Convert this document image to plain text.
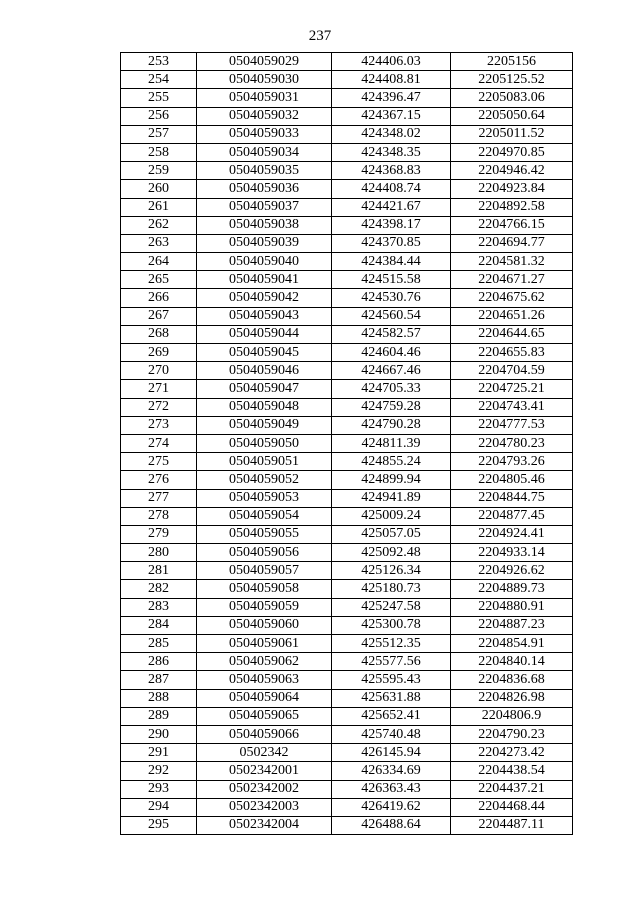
237
253	0504059029	424406.03	2205156
254	0504059030	424408.81	2205125.52
255	0504059031	424396.47	2205083.06
256	0504059032	424367.15	2205050.64
257	0504059033	424348.02	2205011.52
258	0504059034	424348.35	2204970.85
259	0504059035	424368.83	2204946.42
260	0504059036	424408.74	2204923.84
261	0504059037	424421.67	2204892.58
262	0504059038	424398.17	2204766.15
263	0504059039	424370.85	2204694.77
264	0504059040	424384.44	2204581.32
265	0504059041	424515.58	2204671.27
266	0504059042	424530.76	2204675.62
267	0504059043	424560.54	2204651.26
268	0504059044	424582.57	2204644.65
269	0504059045	424604.46	2204655.83
270	0504059046	424667.46	2204704.59
271	0504059047	424705.33	2204725.21
272	0504059048	424759.28	2204743.41
273	0504059049	424790.28	2204777.53
274	0504059050	424811.39	2204780.23
275	0504059051	424855.24	2204793.26
276	0504059052	424899.94	2204805.46
277	0504059053	424941.89	2204844.75
278	0504059054	425009.24	2204877.45
279	0504059055	425057.05	2204924.41
280	0504059056	425092.48	2204933.14
281	0504059057	425126.34	2204926.62
282	0504059058	425180.73	2204889.73
283	0504059059	425247.58	2204880.91
284	0504059060	425300.78	2204887.23
285	0504059061	425512.35	2204854.91
286	0504059062	425577.56	2204840.14
287	0504059063	425595.43	2204836.68
288	0504059064	425631.88	2204826.98
289	0504059065	425652.41	2204806.9
290	0504059066	425740.48	2204790.23
291	0502342	426145.94	2204273.42
292	0502342001	426334.69	2204438.54
293	0502342002	426363.43	2204437.21
294	0502342003	426419.62	2204468.44
295	0502342004	426488.64	2204487.11
